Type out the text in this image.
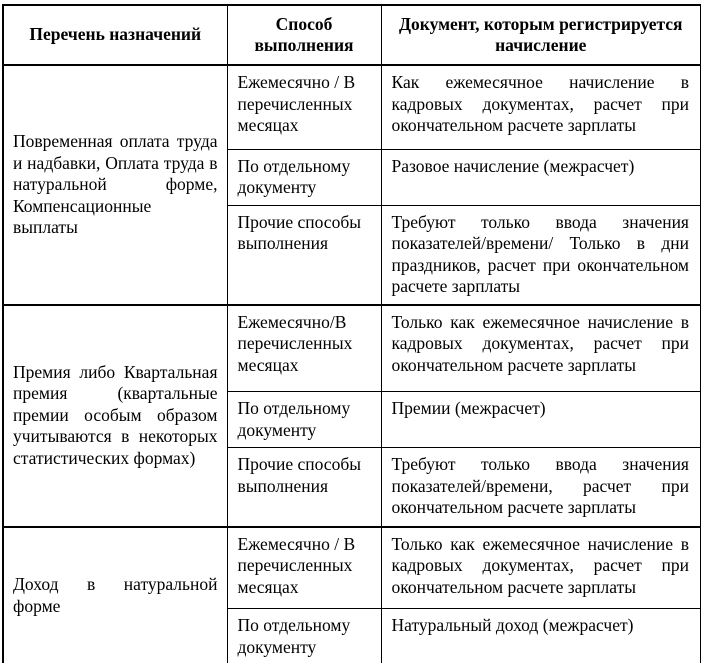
Перечень назначений	Способ выполнения	Документ, которым регистрируется начисление
Повременная оплата труда и надбавки, Оплата труда в натуральной форме, Компенсационные выплаты	Ежемесячно / В перечисленных месяцах	Как ежемесячное начисление в кадровых документах, расчет при окончательном расчете зарплаты
	По отдельному документу	Разовое начисление (межрасчет)
	Прочие способы выполнения	Требуют только ввода значения показателей/времени/ Только в дни праздников, расчет при окончательном расчете зарплаты
Премия либо Квартальная премия (квартальные премии особым образом учитываются в некоторых статистических формах)	Ежемесячно/В перечисленных месяцах	Только как ежемесячное начисление в кадровых документах, расчет при окончательном расчете зарплаты
	По отдельному документу	Премии (межрасчет)
	Прочие способы выполнения	Требуют только ввода значения показателей/времени, расчет при окончательном расчете зарплаты
Доход в натуральной форме	Ежемесячно / В перечисленных месяцах	Только как ежемесячное начисление в кадровых документах, расчет при окончательном расчете зарплаты
	По отдельному документу	Натуральный доход (межрасчет)
